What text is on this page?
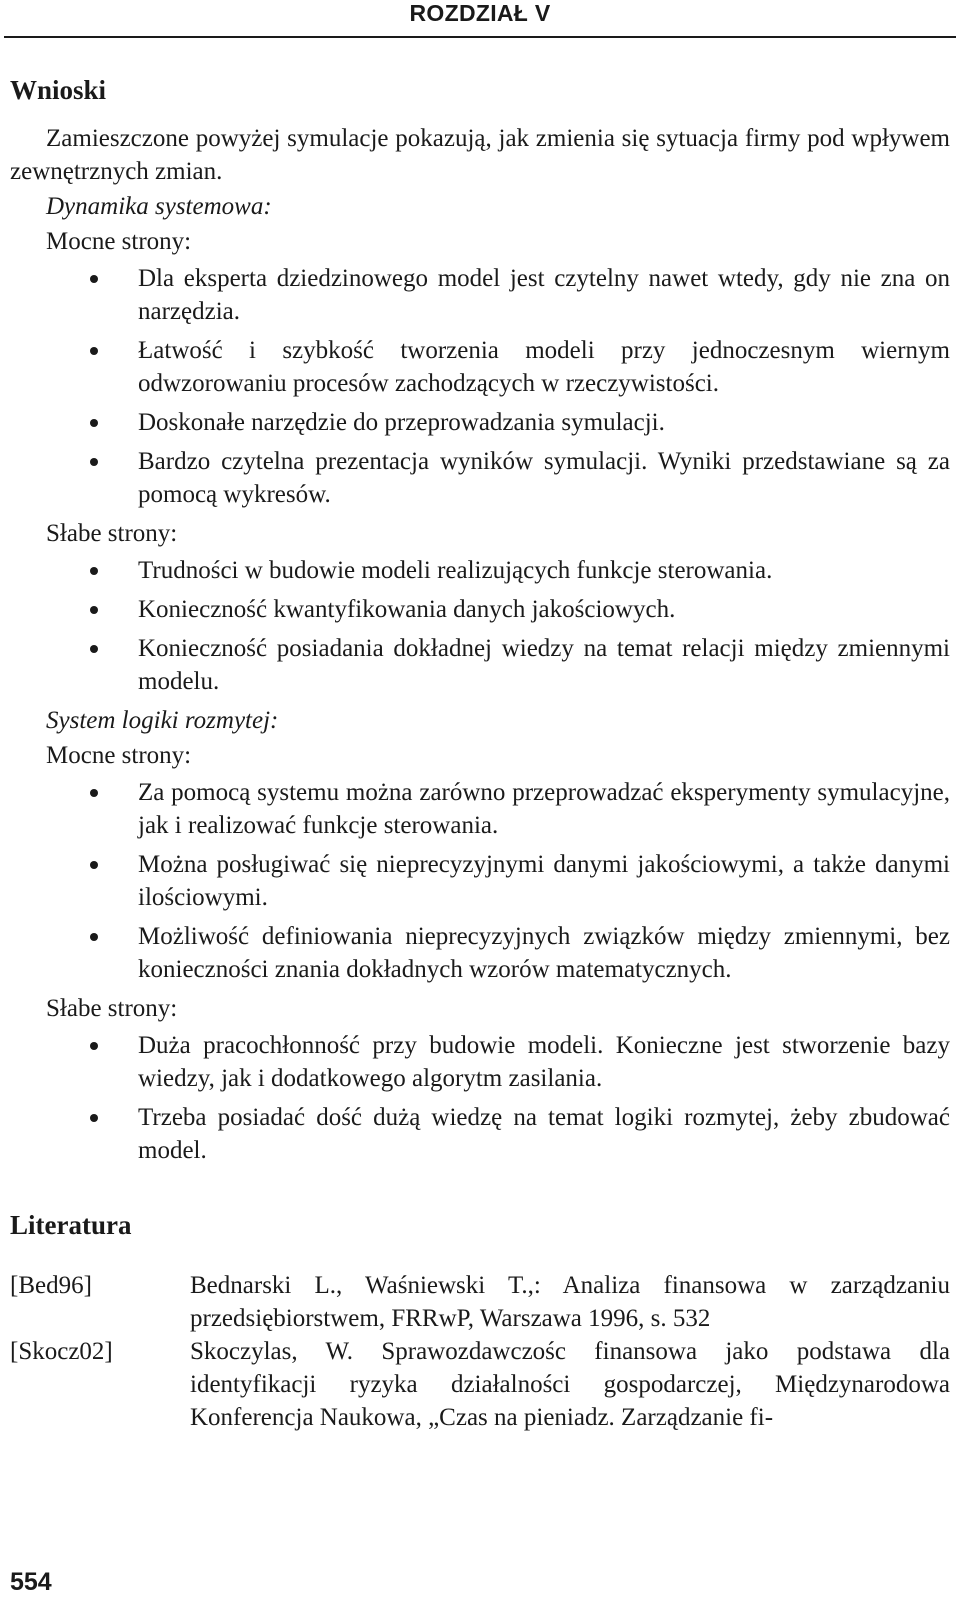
ROZDZIAŁ V
Wnioski

Zamieszczone powyżej symulacje pokazują, jak zmienia się sytuacja firmy pod wpływem zewnętrznych zmian.

Dynamika systemowa:

Mocne strony:

Dla eksperta dziedzinowego model jest czytelny nawet wtedy, gdy nie zna on narzędzia.
Łatwość i szybkość tworzenia modeli przy jednoczesnym wiernym odwzorowaniu procesów zachodzących w rzeczywistości.
Doskonałe narzędzie do przeprowadzania symulacji.
Bardzo czytelna prezentacja wyników symulacji. Wyniki przedstawiane są za pomocą wykresów.

Słabe strony:

Trudności w budowie modeli realizujących funkcje sterowania.
Konieczność kwantyfikowania danych jakościowych.
Konieczność posiadania dokładnej wiedzy na temat relacji między zmiennymi modelu.

System logiki rozmytej:

Mocne strony:

Za pomocą systemu można zarówno przeprowadzać eksperymenty symulacyjne, jak i realizować funkcje sterowania.
Można posługiwać się nieprecyzyjnymi danymi jakościowymi, a także danymi ilościowymi.
Możliwość definiowania nieprecyzyjnych związków między zmiennymi, bez konieczności znania dokładnych wzorów matematycznych.

Słabe strony:

Duża pracochłonność przy budowie modeli. Konieczne jest stworzenie bazy wiedzy, jak i dodatkowego algorytm zasilania.
Trzeba posiadać dość dużą wiedzę na temat logiki rozmytej, żeby zbudować model.
Literatura
[Bed96]	Bednarski L., Waśniewski T.,: Analiza finansowa w zarządzaniu przedsiębiorstwem, FRRwP, Warszawa 1996, s. 532
[Skocz02]	Skoczylas, W. Sprawozdawczośc finansowa jako podstawa dla identyfikacji ryzyka działalności gospodarczej, Międzynarodowa Konferencja Naukowa, „Czas na pieniadz. Zarządzanie fi-
554
